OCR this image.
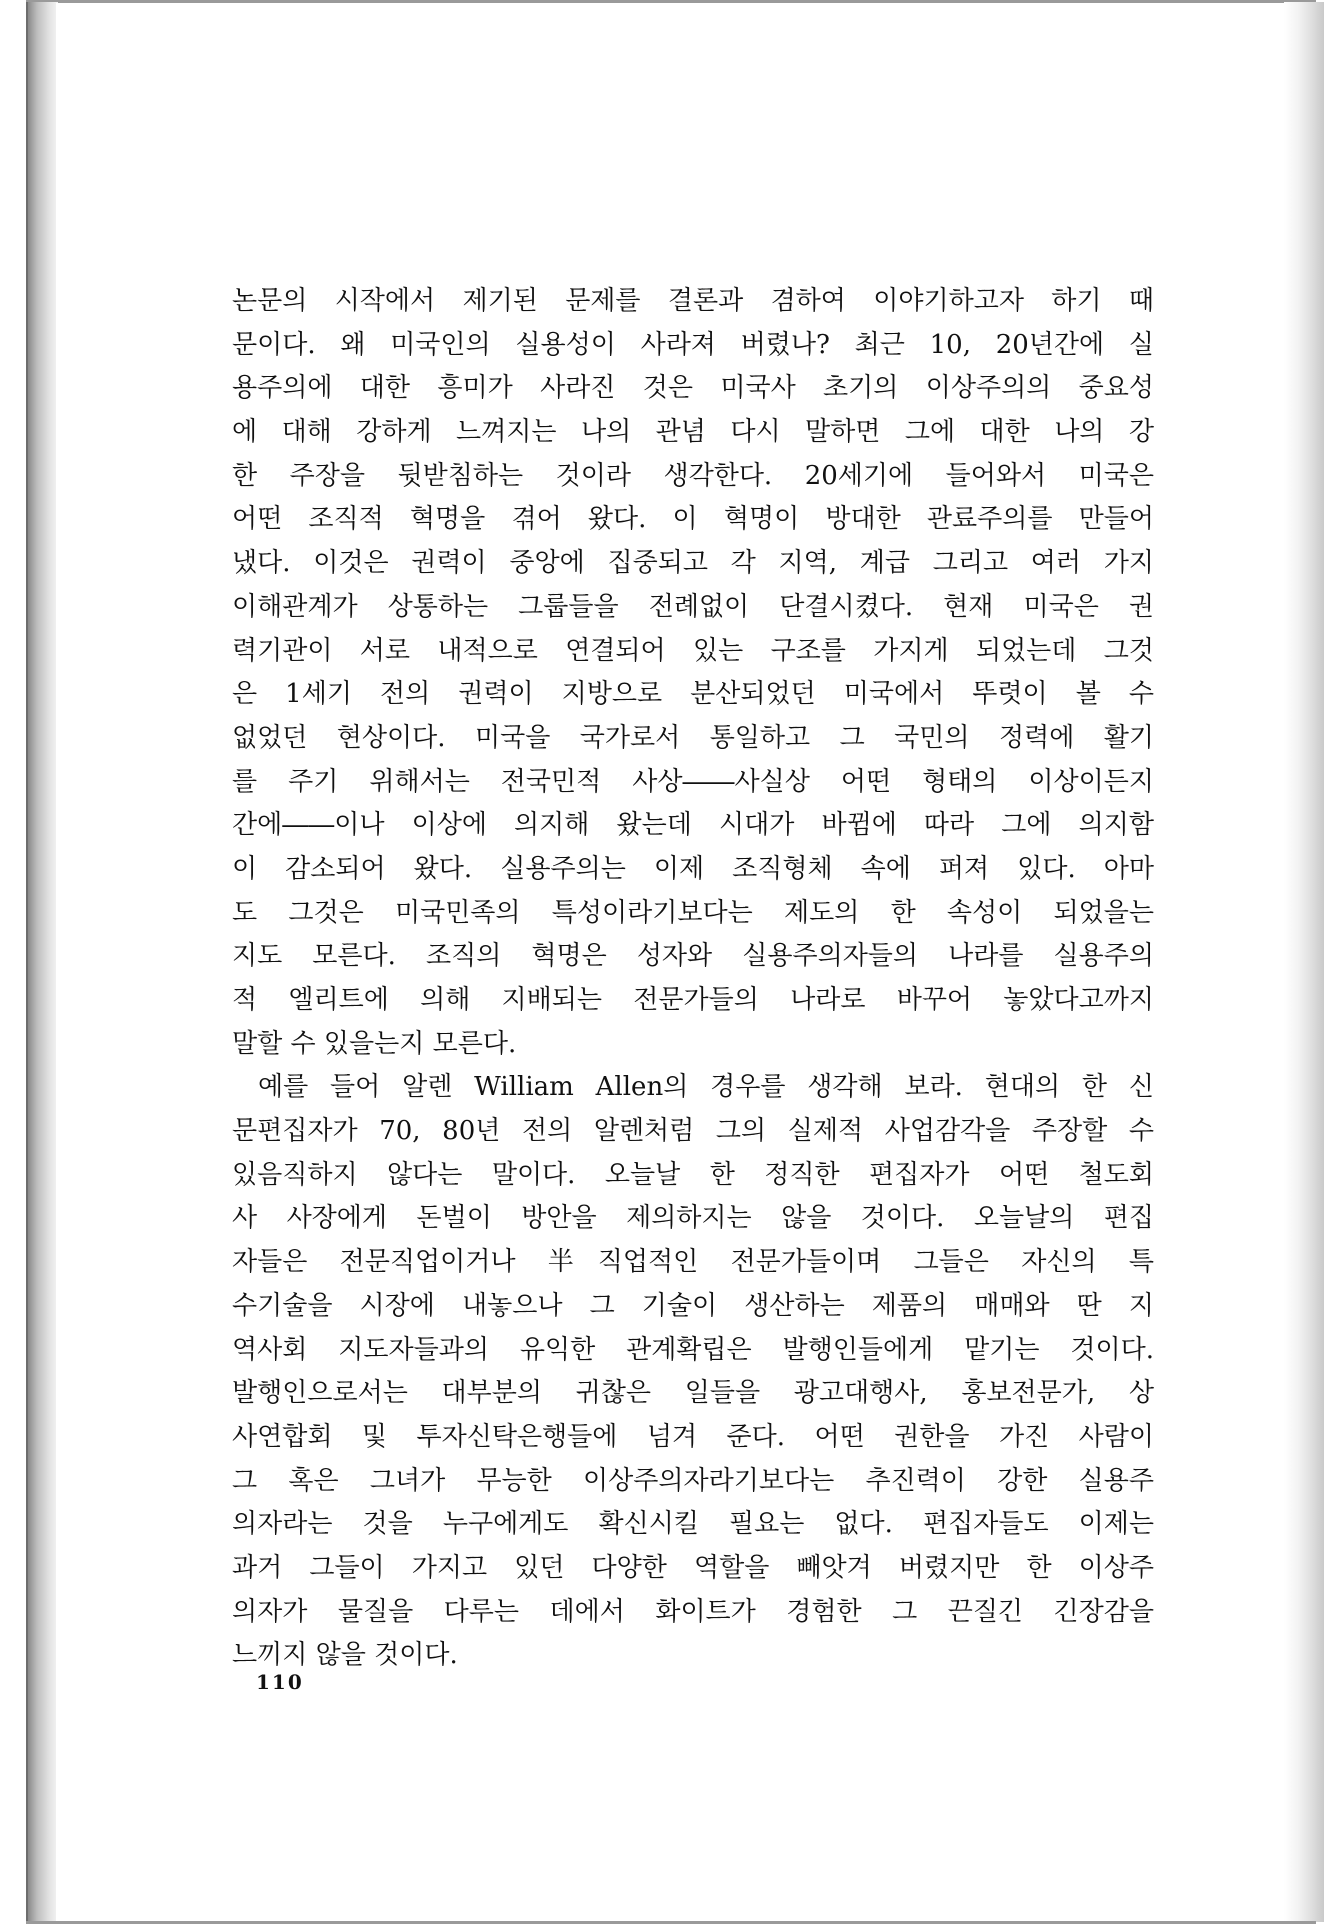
논문의 시작에서 제기된 문제를 결론과 겸하여 이야기하고자 하기 때
문이다. 왜 미국인의 실용성이 사라져 버렸나? 최근 10, 20년간에 실
용주의에 대한 흥미가 사라진 것은 미국사 초기의 이상주의의 중요성
에 대해 강하게 느껴지는 나의 관념 다시 말하면 그에 대한 나의 강
한 주장을 뒷받침하는 것이라 생각한다. 20세기에 들어와서 미국은
어떤 조직적 혁명을 겪어 왔다. 이 혁명이 방대한 관료주의를 만들어
냈다. 이것은 권력이 중앙에 집중되고 각 지역, 계급 그리고 여러 가지
이해관계가 상통하는 그룹들을 전례없이 단결시켰다. 현재 미국은 권
력기관이 서로 내적으로 연결되어 있는 구조를 가지게 되었는데 그것
은 1세기 전의 권력이 지방으로 분산되었던 미국에서 뚜렷이 볼 수
없었던 현상이다. 미국을 국가로서 통일하고 그 국민의 정력에 활기
를 주기 위해서는 전국민적 사상――사실상 어떤 형태의 이상이든지
간에――이나 이상에 의지해 왔는데 시대가 바뀜에 따라 그에 의지함
이 감소되어 왔다. 실용주의는 이제 조직형체 속에 퍼져 있다. 아마
도 그것은 미국민족의 특성이라기보다는 제도의 한 속성이 되었을는
지도 모른다. 조직의 혁명은 성자와 실용주의자들의 나라를 실용주의
적 엘리트에 의해 지배되는 전문가들의 나라로 바꾸어 놓았다고까지
말할 수 있을는지 모른다.
예를 들어 알렌 William Allen의 경우를 생각해 보라. 현대의 한 신
문편집자가 70, 80년 전의 알렌처럼 그의 실제적 사업감각을 주장할 수
있음직하지 않다는 말이다. 오늘날 한 정직한 편집자가 어떤 철도회
사 사장에게 돈벌이 방안을 제의하지는 않을 것이다. 오늘날의 편집
자들은 전문직업이거나 半직업적인 전문가들이며 그들은 자신의 특
수기술을 시장에 내놓으나 그 기술이 생산하는 제품의 매매와 딴 지
역사회 지도자들과의 유익한 관계확립은 발행인들에게 맡기는 것이다.
발행인으로서는 대부분의 귀찮은 일들을 광고대행사, 홍보전문가, 상
사연합회 및 투자신탁은행들에 넘겨 준다. 어떤 권한을 가진 사람이
그 혹은 그녀가 무능한 이상주의자라기보다는 추진력이 강한 실용주
의자라는 것을 누구에게도 확신시킬 필요는 없다. 편집자들도 이제는
과거 그들이 가지고 있던 다양한 역할을 빼앗겨 버렸지만 한 이상주
의자가 물질을 다루는 데에서 화이트가 경험한 그 끈질긴 긴장감을
느끼지 않을 것이다.
110
